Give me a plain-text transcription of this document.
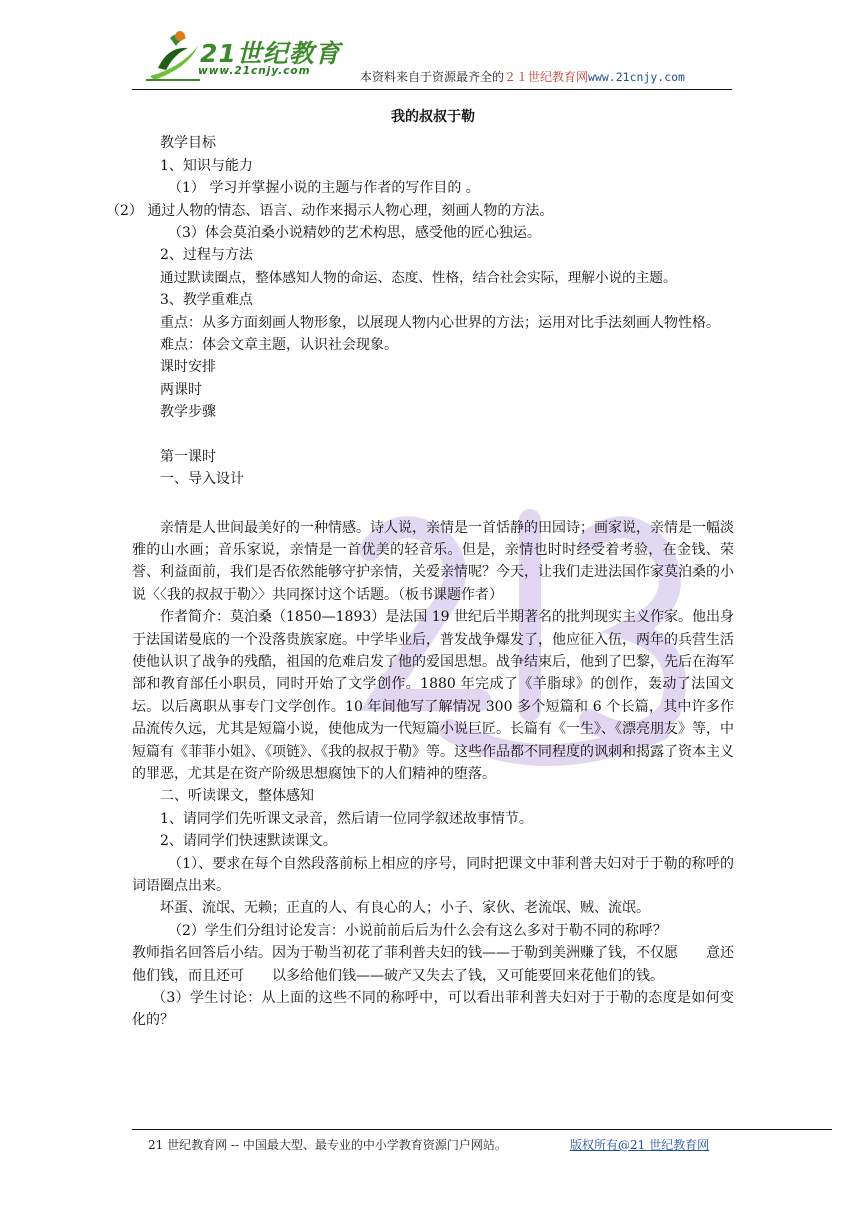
21世纪教育
www.21cnjy.com	本资料来自于资源最齐全的２１世纪教育网www.21cnjy.com
我的叔叔于勒
教学目标
1、知识与能力
（1） 学习并掌握小说的主题与作者的写作目的 。
（2） 通过人物的情态、语言、动作来揭示人物心理，刻画人物的方法。
（3）体会莫泊桑小说精妙的艺术构思，感受他的匠心独运。
2、过程与方法
通过默读圈点，整体感知人物的命运、态度、性格，结合社会实际，理解小说的主题。
3、教学重难点
重点：从多方面刻画人物形象，以展现人物内心世界的方法；运用对比手法刻画人物性格。
难点：体会文章主题，认识社会现象。
课时安排
两课时
教学步骤
第一课时
一、导入设计
亲情是人世间最美好的一种情感。诗人说，亲情是一首恬静的田园诗；画家说，亲情是一幅淡雅的山水画；音乐家说，亲情是一首优美的轻音乐。但是，亲情也时时经受着考验，在金钱、荣誉、利益面前，我们是否依然能够守护亲情，关爱亲情呢？今天，让我们走进法国作家莫泊桑的小说〈〈我的叔叔于勒〉〉共同探讨这个话题。（板书课题作者）
作者简介：莫泊桑（1850—1893）是法国 19 世纪后半期著名的批判现实主义作家。他出身于法国诺曼底的一个没落贵族家庭。中学毕业后，普发战争爆发了，他应征入伍，两年的兵营生活使他认识了战争的残酷，祖国的危难启发了他的爱国思想。战争结束后，他到了巴黎，先后在海军部和教育部任小职员，同时开始了文学创作。1880 年完成了《羊脂球》的创作，轰动了法国文坛。以后离职从事专门文学创作。10 年间他写了解情况 300 多个短篇和 6 个长篇，其中许多作品流传久远，尤其是短篇小说，使他成为一代短篇小说巨匠。长篇有《一生》、《漂亮朋友》等，中短篇有《菲菲小姐》、《项链》、《我的叔叔于勒》等。这些作品都不同程度的讽刺和揭露了资本主义的罪恶，尤其是在资产阶级思想腐蚀下的人们精神的堕落。
二、听读课文，整体感知
1、请同学们先听课文录音，然后请一位同学叙述故事情节。
2、请同学们快速默读课文。
（1）、要求在每个自然段落前标上相应的序号，同时把课文中菲利普夫妇对于于勒的称呼的词语圈点出来。
坏蛋、流氓、无赖；正直的人、有良心的人；小子、家伙、老流氓、贼、流氓。
（2）学生们分组讨论发言：小说前前后后为什么会有这么多对于勒不同的称呼？
教师指名回答后小结。因为于勒当初花了菲利普夫妇的钱——于勒到美洲赚了钱，不仅愿　　意还他们钱，而且还可　　以多给他们钱——破产又失去了钱，又可能要回来花他们的钱。
（3）学生讨论：从上面的这些不同的称呼中，可以看出菲利普夫妇对于于勒的态度是如何变化的？
21 世纪教育网 -- 中国最大型、最专业的中小学教育资源门户网站。	版权所有@21 世纪教育网
